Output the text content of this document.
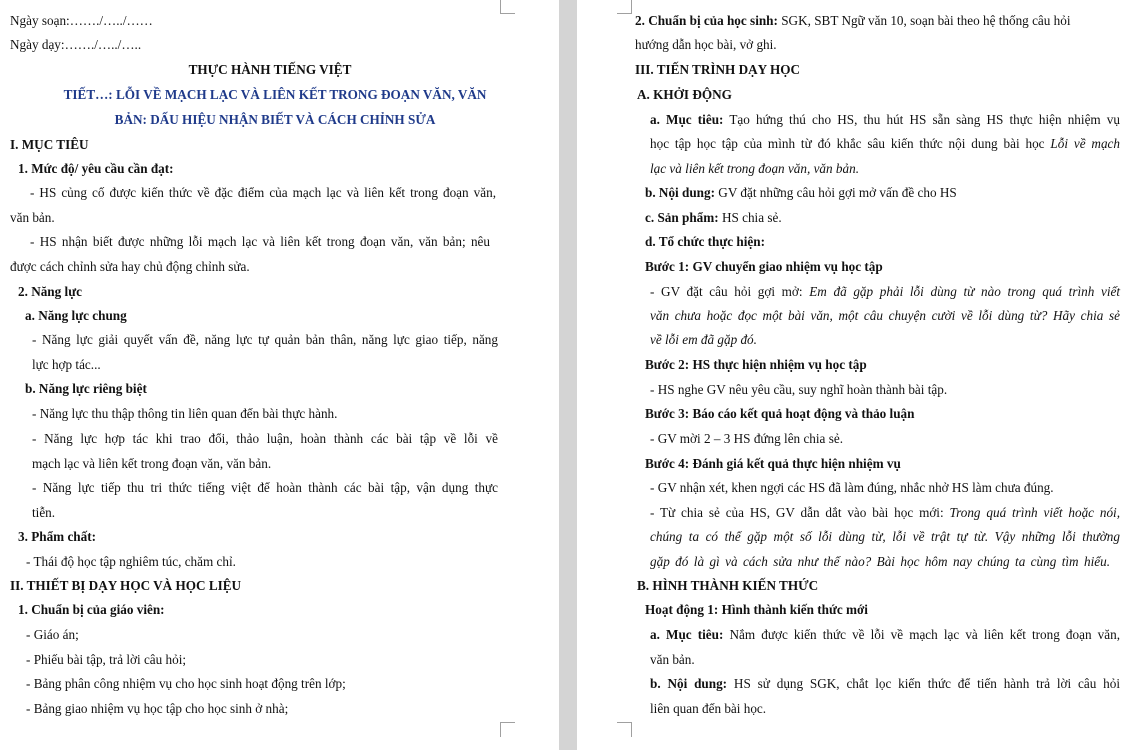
Ngày soạn:……./…../……
Ngày dạy:……./…../…..
THỰC HÀNH TIẾNG VIỆT
TIẾT…: LỖI VỀ MẠCH LẠC VÀ LIÊN KẾT TRONG ĐOẠN VĂN, VĂN
BẢN: DẤU HIỆU NHẬN BIẾT VÀ CÁCH CHỈNH SỬA
I. MỤC TIÊU
1. Mức độ/ yêu cầu cần đạt:
- HS củng cố được kiến thức về đặc điểm của mạch lạc và liên kết trong đoạn văn,
văn bản.
- HS nhận biết được những lỗi mạch lạc và liên kết trong đoạn văn, văn bản; nêu
được cách chỉnh sửa hay chủ động chỉnh sửa.
2. Năng lực
a. Năng lực chung
- Năng lực giải quyết vấn đề, năng lực tự quản bản thân, năng lực giao tiếp, năng
lực hợp tác...
b. Năng lực riêng biệt
- Năng lực thu thập thông tin liên quan đến bài thực hành.
- Năng lực hợp tác khi trao đổi, thảo luận, hoàn thành các bài tập về lỗi về
mạch lạc và liên kết trong đoạn văn, văn bản.
- Năng lực tiếp thu tri thức tiếng việt để hoàn thành các bài tập, vận dụng thực
tiễn.
3. Phẩm chất:
- Thái độ học tập nghiêm túc, chăm chỉ.
II. THIẾT BỊ DẠY HỌC VÀ HỌC LIỆU
1. Chuẩn bị của giáo viên:
- Giáo án;
- Phiếu bài tập, trả lời câu hỏi;
- Bảng phân công nhiệm vụ cho học sinh hoạt động trên lớp;
- Bảng giao nhiệm vụ học tập cho học sinh ở nhà;
2. Chuẩn bị của học sinh: SGK, SBT Ngữ văn 10, soạn bài theo hệ thống câu hỏi
hướng dẫn học bài, vở ghi.
III. TIẾN TRÌNH DẠY HỌC
A. KHỞI ĐỘNG
a. Mục tiêu: Tạo hứng thú cho HS, thu hút HS sẵn sàng HS thực hiện nhiệm vụ
học tập học tập của mình từ đó khắc sâu kiến thức nội dung bài học Lỗi về mạch
lạc và liên kết trong đoạn văn, văn bản.
b. Nội dung: GV đặt những câu hỏi gợi mở vấn đề cho HS
c. Sản phẩm: HS chia sẻ.
d. Tổ chức thực hiện:
Bước 1: GV chuyển giao nhiệm vụ học tập
- GV đặt câu hỏi gợi mở: Em đã gặp phải lỗi dùng từ nào trong quá trình viết
văn chưa hoặc đọc một bài văn, một câu chuyện cười về lỗi dùng từ? Hãy chia sẻ
về lỗi em đã gặp đó.
Bước 2: HS thực hiện nhiệm vụ học tập
- HS nghe GV nêu yêu cầu, suy nghĩ hoàn thành bài tập.
Bước 3: Báo cáo kết quả hoạt động và thảo luận
- GV mời 2 – 3 HS đứng lên chia sẻ.
Bước 4: Đánh giá kết quả thực hiện nhiệm vụ
- GV nhận xét, khen ngợi các HS đã làm đúng, nhắc nhở HS làm chưa đúng.
- Từ chia sẻ của HS, GV dẫn dắt vào bài học mới: Trong quá trình viết hoặc nói,
chúng ta có thể gặp một số lỗi dùng từ, lỗi về trật tự từ. Vậy những lỗi thường
gặp đó là gì và cách sửa như thế nào? Bài học hôm nay chúng ta cùng tìm hiểu.
B. HÌNH THÀNH KIẾN THỨC
Hoạt động 1: Hình thành kiến thức mới
a. Mục tiêu: Nắm được kiến thức về lỗi về mạch lạc và liên kết trong đoạn văn,
văn bản.
b. Nội dung: HS sử dụng SGK, chắt lọc kiến thức để tiến hành trả lời câu hỏi
liên quan đến bài học.
